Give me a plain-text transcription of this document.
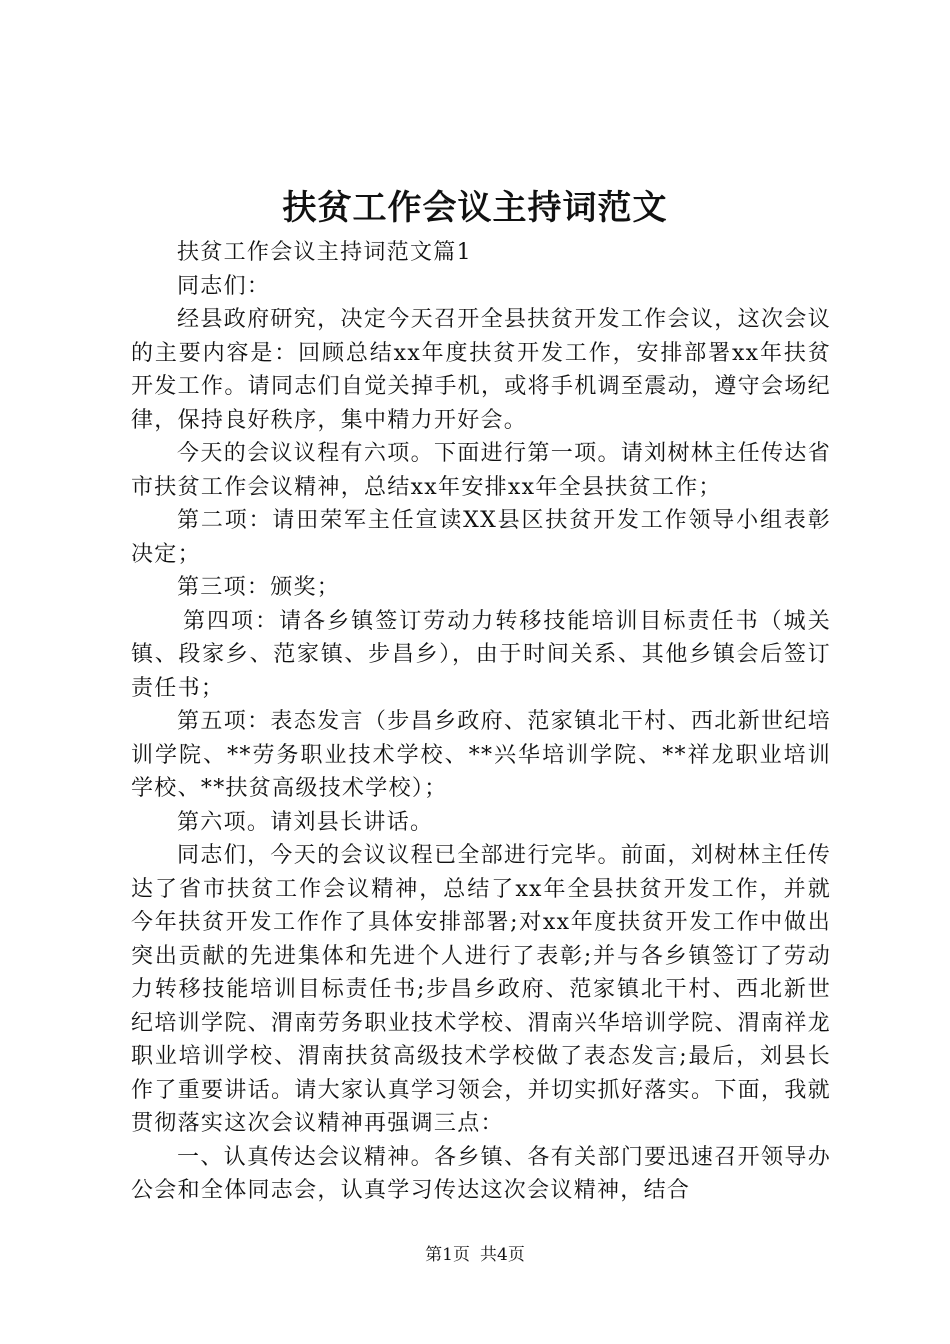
扶贫工作会议主持词范文

扶贫工作会议主持词范文篇1

同志们：

经县政府研究，决定今天召开全县扶贫开发工作会议，这次会议的主要内容是：回顾总结xx年度扶贫开发工作，安排部署xx年扶贫开发工作。请同志们自觉关掉手机，或将手机调至震动，遵守会场纪律，保持良好秩序，集中精力开好会。

今天的会议议程有六项。下面进行第一项。请刘树林主任传达省市扶贫工作会议精神，总结xx年安排xx年全县扶贫工作；

第二项：请田荣军主任宣读XX县区扶贫开发工作领导小组表彰决定；

第三项：颁奖；

第四项：请各乡镇签订劳动力转移技能培训目标责任书（城关镇、段家乡、范家镇、步昌乡），由于时间关系、其他乡镇会后签订责任书；

第五项：表态发言（步昌乡政府、范家镇北干村、西北新世纪培训学院、**劳务职业技术学校、**兴华培训学院、**祥龙职业培训学校、**扶贫高级技术学校）；

第六项。请刘县长讲话。

同志们，今天的会议议程已全部进行完毕。前面，刘树林主任传达了省市扶贫工作会议精神，总结了xx年全县扶贫开发工作，并就今年扶贫开发工作作了具体安排部署;对xx年度扶贫开发工作中做出突出贡献的先进集体和先进个人进行了表彰;并与各乡镇签订了劳动力转移技能培训目标责任书;步昌乡政府、范家镇北干村、西北新世纪培训学院、渭南劳务职业技术学校、渭南兴华培训学院、渭南祥龙职业培训学校、渭南扶贫高级技术学校做了表态发言;最后，刘县长作了重要讲话。请大家认真学习领会，并切实抓好落实。下面，我就贯彻落实这次会议精神再强调三点：

一、认真传达会议精神。各乡镇、各有关部门要迅速召开领导办公会和全体同志会，认真学习传达这次会议精神，结合

第1页 共4页
